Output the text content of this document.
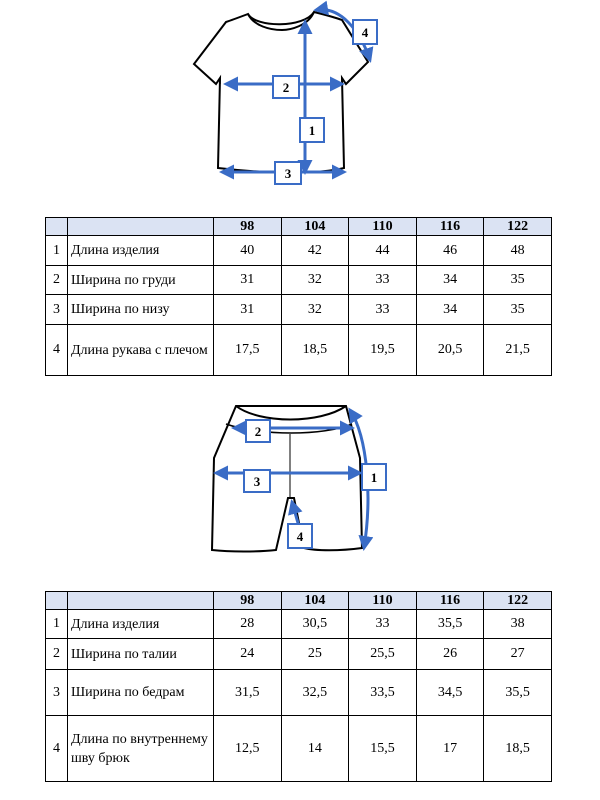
2
1
3
4
		98	104	110	116	122
1	Длина изделия	40	42	44	46	48
2	Ширина по груди	31	32	33	34	35
3	Ширина по низу	31	32	33	34	35
4	Длина рукава с плечом	17,5	18,5	19,5	20,5	21,5
2
3	1
4
		98	104	110	116	122
1	Длина изделия	28	30,5	33	35,5	38
2	Ширина по талии	24	25	25,5	26	27
3	Ширина по бедрам	31,5	32,5	33,5	34,5	35,5
4	Длина по внутреннему шву брюк	12,5	14	15,5	17	18,5
